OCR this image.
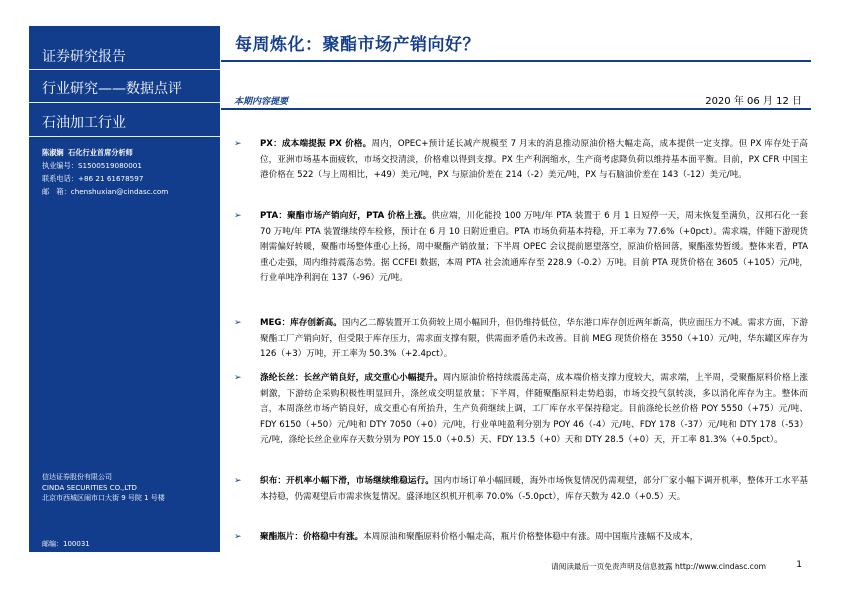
证券研究报告
行业研究——数据点评
石油加工行业
陈淑娴 石化行业首席分析师
执业编号：S1500519080001
联系电话：+86 21 61678597
邮　箱：chenshuxian@cindasc.com
信达证券股份有限公司
CINDA SECURITIES CO.,LTD
北京市西城区闹市口大街 9 号院 1 号楼
邮编：100031
每周炼化：聚酯市场产销向好？
本期内容提要	2020 年 06 月 12 日
➢ PX：成本端提振 PX 价格。周内，OPEC+预计延长减产规模至 7 月末的消息推动原油价格大幅走高，成本提供一定支撑。但 PX 库存处于高位，亚洲市场基本面疲软，市场交投清淡，价格难以得到支撑。PX 生产利润缩水，生产商考虑降负荷以维持基本面平衡。目前，PX CFR 中国主港价格在 522（与上周相比，+49）美元/吨，PX 与原油价差在 214（-2）美元/吨，PX 与石脑油价差在 143（-12）美元/吨。
➢ PTA：聚酯市场产销向好，PTA 价格上涨。供应端，川化能投 100 万吨/年 PTA 装置于 6 月 1 日短停一天，周末恢复至满负，汉邦石化一套 70 万吨/年 PTA 装置继续停车检修，预计在 6 月 10 日附近重启。PTA 市场负荷基本持稳，开工率为 77.6%（+0pct）。需求端，伴随下游现货刚需偏好转暖，聚酯市场整体重心上扬，周中聚酯产销放量；下半周 OPEC 会议提前愿望落空，原油价格回落，聚酯涨势暂缓。整体来看，PTA 重心走强，周内维持震荡态势。据 CCFEI 数据，本周 PTA 社会流通库存至 228.9（-0.2）万吨。目前 PTA 现货价格在 3605（+105）元/吨，行业单吨净利润在 137（-96）元/吨。
➢ MEG：库存创新高。国内乙二醇装置开工负荷较上周小幅回升，但仍维持低位，华东港口库存创近两年新高，供应面压力不减。需求方面，下游聚酯工厂产销向好，但受限于库存压力，需求面支撑有限，供需面矛盾仍未改善。目前 MEG 现货价格在 3550（+10）元/吨，华东罐区库存为 126（+3）万吨，开工率为 50.3%（+2.4pct）。
➢ 涤纶长丝：长丝产销良好，成交重心小幅提升。周内原油价格持续震荡走高，成本端价格支撑力度较大，需求端，上半周，受聚酯原料价格上涨刺激，下游纺企采购积极性明显回升，涤丝成交明显放量；下半周，伴随聚酯原料走势趋弱，市场交投气氛转淡，多以消化库存为主。整体而言，本周涤丝市场产销良好，成交重心有所抬升，生产负荷继续上调，工厂库存水平保持稳定。目前涤纶长丝价格 POY 5550（+75）元/吨、FDY 6150（+50）元/吨和 DTY 7050（+0）元/吨，行业单吨盈利分别为 POY 46（-4）元/吨、FDY 178（-37）元/吨和 DTY 178（-53）元/吨，涤纶长丝企业库存天数分别为 POY 15.0（+0.5）天、FDY 13.5（+0）天和 DTY 28.5（+0）天，开工率 81.3%（+0.5pct）。
➢ 织布：开机率小幅下滑，市场继续维稳运行。国内市场订单小幅回暖，海外市场恢复情况仍需观望，部分厂家小幅下调开机率，整体开工水平基本持稳，仍需观望后市需求恢复情况。盛泽地区织机开机率 70.0%（-5.0pct），库存天数为 42.0（+0.5）天。
➢ 聚酯瓶片：价格稳中有涨。本周原油和聚酯原料价格小幅走高，瓶片价格整体稳中有涨。周中国瓶片涨幅不及成本，
请阅读最后一页免责声明及信息披露 http://www.cindasc.com	1
